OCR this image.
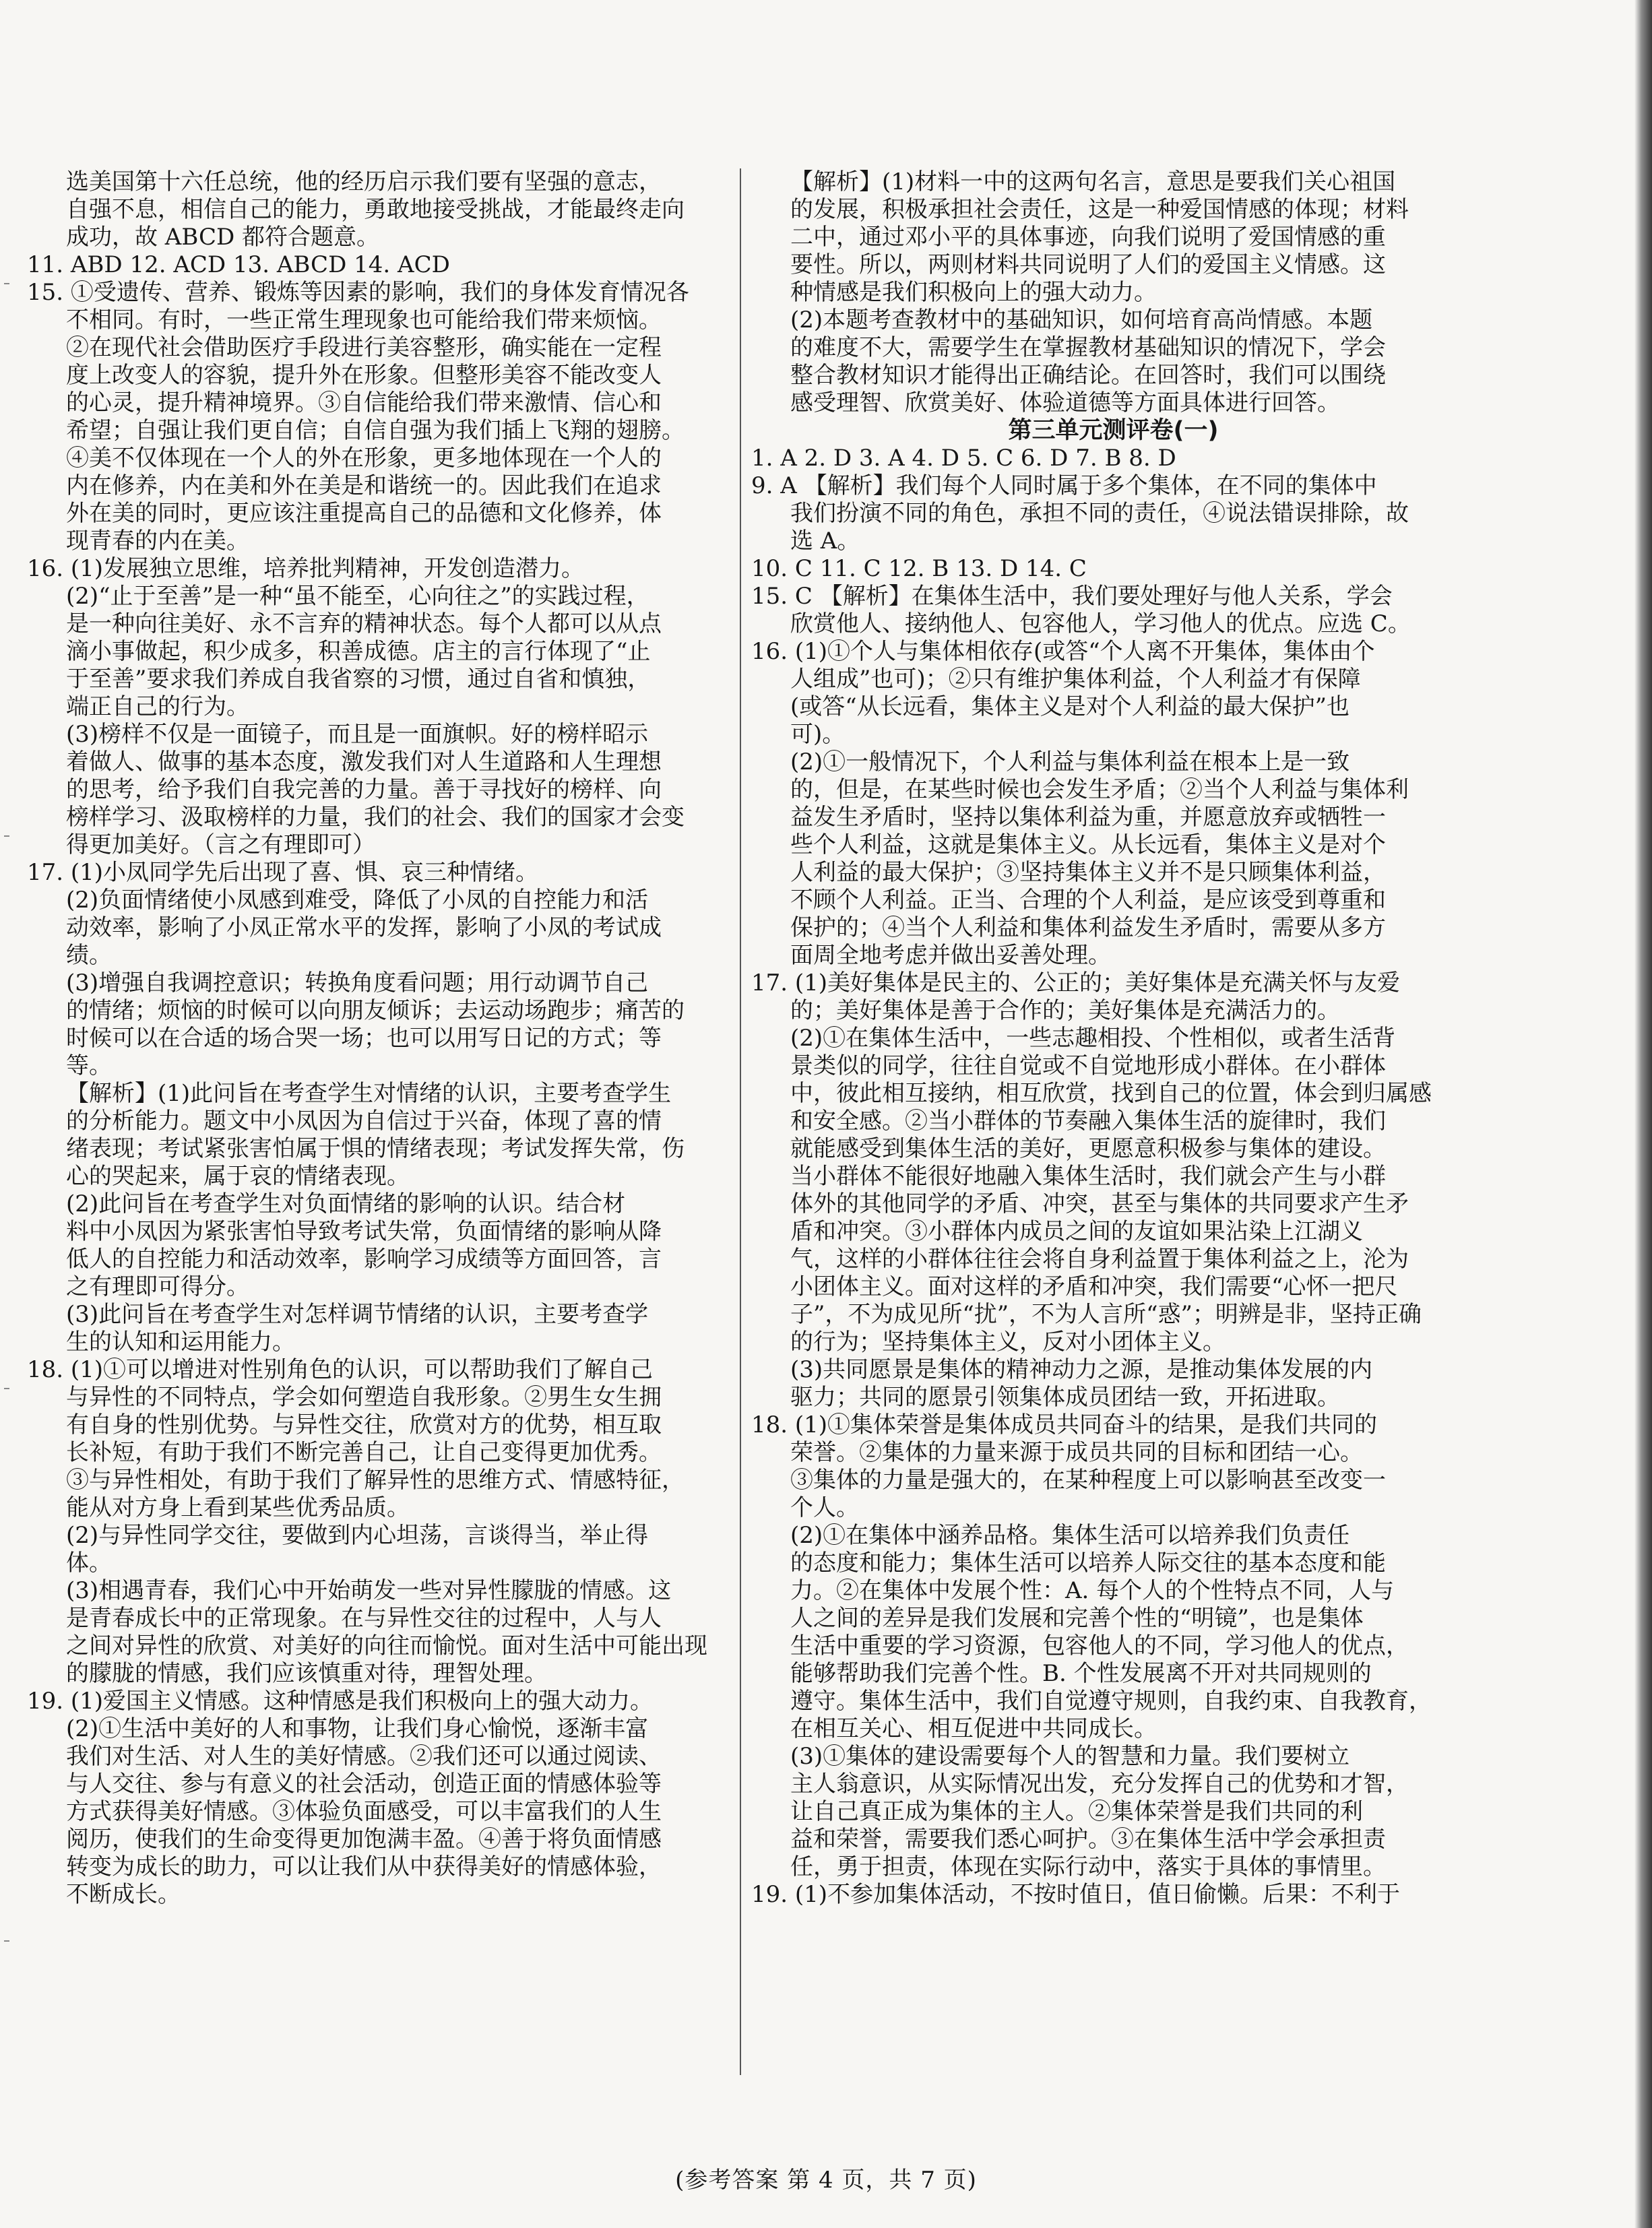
选美国第十六任总统，他的经历启示我们要有坚强的意志，

自强不息，相信自己的能力，勇敢地接受挑战，才能最终走向

成功，故 ABCD 都符合题意。

11. ABD 12. ACD 13. ABCD 14. ACD

15. ①受遗传、营养、锻炼等因素的影响，我们的身体发育情况各

不相同。有时，一些正常生理现象也可能给我们带来烦恼。

②在现代社会借助医疗手段进行美容整形，确实能在一定程

度上改变人的容貌，提升外在形象。但整形美容不能改变人

的心灵，提升精神境界。③自信能给我们带来激情、信心和

希望；自强让我们更自信；自信自强为我们插上飞翔的翅膀。

④美不仅体现在一个人的外在形象，更多地体现在一个人的

内在修养，内在美和外在美是和谐统一的。因此我们在追求

外在美的同时，更应该注重提高自己的品德和文化修养，体

现青春的内在美。

16. (1)发展独立思维，培养批判精神，开发创造潜力。

(2)“止于至善”是一种“虽不能至，心向往之”的实践过程，

是一种向往美好、永不言弃的精神状态。每个人都可以从点

滴小事做起，积少成多，积善成德。店主的言行体现了“止

于至善”要求我们养成自我省察的习惯，通过自省和慎独，

端正自己的行为。

(3)榜样不仅是一面镜子，而且是一面旗帜。好的榜样昭示

着做人、做事的基本态度，激发我们对人生道路和人生理想

的思考，给予我们自我完善的力量。善于寻找好的榜样、向

榜样学习、汲取榜样的力量，我们的社会、我们的国家才会变

得更加美好。（言之有理即可）

17. (1)小凤同学先后出现了喜、惧、哀三种情绪。

(2)负面情绪使小凤感到难受，降低了小凤的自控能力和活

动效率，影响了小凤正常水平的发挥，影响了小凤的考试成

绩。

(3)增强自我调控意识；转换角度看问题；用行动调节自己

的情绪；烦恼的时候可以向朋友倾诉；去运动场跑步；痛苦的

时候可以在合适的场合哭一场；也可以用写日记的方式；等

等。

【解析】(1)此问旨在考查学生对情绪的认识，主要考查学生

的分析能力。题文中小凤因为自信过于兴奋，体现了喜的情

绪表现；考试紧张害怕属于惧的情绪表现；考试发挥失常，伤

心的哭起来，属于哀的情绪表现。

(2)此问旨在考查学生对负面情绪的影响的认识。结合材

料中小凤因为紧张害怕导致考试失常，负面情绪的影响从降

低人的自控能力和活动效率，影响学习成绩等方面回答，言

之有理即可得分。

(3)此问旨在考查学生对怎样调节情绪的认识，主要考查学

生的认知和运用能力。

18. (1)①可以增进对性别角色的认识，可以帮助我们了解自己

与异性的不同特点，学会如何塑造自我形象。②男生女生拥

有自身的性别优势。与异性交往，欣赏对方的优势，相互取

长补短，有助于我们不断完善自己，让自己变得更加优秀。

③与异性相处，有助于我们了解异性的思维方式、情感特征，

能从对方身上看到某些优秀品质。

(2)与异性同学交往，要做到内心坦荡，言谈得当，举止得

体。

(3)相遇青春，我们心中开始萌发一些对异性朦胧的情感。这

是青春成长中的正常现象。在与异性交往的过程中，人与人

之间对异性的欣赏、对美好的向往而愉悦。面对生活中可能出现

的朦胧的情感，我们应该慎重对待，理智处理。

19. (1)爱国主义情感。这种情感是我们积极向上的强大动力。

(2)①生活中美好的人和事物，让我们身心愉悦，逐渐丰富

我们对生活、对人生的美好情感。②我们还可以通过阅读、

与人交往、参与有意义的社会活动，创造正面的情感体验等

方式获得美好情感。③体验负面感受，可以丰富我们的人生

阅历，使我们的生命变得更加饱满丰盈。④善于将负面情感

转变为成长的助力，可以让我们从中获得美好的情感体验，

不断成长。

【解析】(1)材料一中的这两句名言，意思是要我们关心祖国

的发展，积极承担社会责任，这是一种爱国情感的体现；材料

二中，通过邓小平的具体事迹，向我们说明了爱国情感的重

要性。所以，两则材料共同说明了人们的爱国主义情感。这

种情感是我们积极向上的强大动力。

(2)本题考查教材中的基础知识，如何培育高尚情感。本题

的难度不大，需要学生在掌握教材基础知识的情况下，学会

整合教材知识才能得出正确结论。在回答时，我们可以围绕

感受理智、欣赏美好、体验道德等方面具体进行回答。

第三单元测评卷(一)

1. A 2. D 3. A 4. D 5. C 6. D 7. B 8. D

9. A 【解析】我们每个人同时属于多个集体，在不同的集体中

我们扮演不同的角色，承担不同的责任，④说法错误排除，故

选 A。

10. C 11. C 12. B 13. D 14. C

15. C 【解析】在集体生活中，我们要处理好与他人关系，学会

欣赏他人、接纳他人、包容他人，学习他人的优点。应选 C。

16. (1)①个人与集体相依存(或答“个人离不开集体，集体由个

人组成”也可)；②只有维护集体利益，个人利益才有保障

(或答“从长远看，集体主义是对个人利益的最大保护”也

可)。

(2)①一般情况下，个人利益与集体利益在根本上是一致

的，但是，在某些时候也会发生矛盾；②当个人利益与集体利

益发生矛盾时，坚持以集体利益为重，并愿意放弃或牺牲一

些个人利益，这就是集体主义。从长远看，集体主义是对个

人利益的最大保护；③坚持集体主义并不是只顾集体利益，

不顾个人利益。正当、合理的个人利益，是应该受到尊重和

保护的；④当个人利益和集体利益发生矛盾时，需要从多方

面周全地考虑并做出妥善处理。

17. (1)美好集体是民主的、公正的；美好集体是充满关怀与友爱

的；美好集体是善于合作的；美好集体是充满活力的。

(2)①在集体生活中，一些志趣相投、个性相似，或者生活背

景类似的同学，往往自觉或不自觉地形成小群体。在小群体

中，彼此相互接纳，相互欣赏，找到自己的位置，体会到归属感

和安全感。②当小群体的节奏融入集体生活的旋律时，我们

就能感受到集体生活的美好，更愿意积极参与集体的建设。

当小群体不能很好地融入集体生活时，我们就会产生与小群

体外的其他同学的矛盾、冲突，甚至与集体的共同要求产生矛

盾和冲突。③小群体内成员之间的友谊如果沾染上江湖义

气，这样的小群体往往会将自身利益置于集体利益之上，沦为

小团体主义。面对这样的矛盾和冲突，我们需要“心怀一把尺

子”，不为成见所“扰”，不为人言所“惑”；明辨是非，坚持正确

的行为；坚持集体主义，反对小团体主义。

(3)共同愿景是集体的精神动力之源，是推动集体发展的内

驱力；共同的愿景引领集体成员团结一致，开拓进取。

18. (1)①集体荣誉是集体成员共同奋斗的结果，是我们共同的

荣誉。②集体的力量来源于成员共同的目标和团结一心。

③集体的力量是强大的，在某种程度上可以影响甚至改变一

个人。

(2)①在集体中涵养品格。集体生活可以培养我们负责任

的态度和能力；集体生活可以培养人际交往的基本态度和能

力。②在集体中发展个性：A. 每个人的个性特点不同，人与

人之间的差异是我们发展和完善个性的“明镜”，也是集体

生活中重要的学习资源，包容他人的不同，学习他人的优点，

能够帮助我们完善个性。B. 个性发展离不开对共同规则的

遵守。集体生活中，我们自觉遵守规则，自我约束、自我教育，

在相互关心、相互促进中共同成长。

(3)①集体的建设需要每个人的智慧和力量。我们要树立

主人翁意识，从实际情况出发，充分发挥自己的优势和才智，

让自己真正成为集体的主人。②集体荣誉是我们共同的利

益和荣誉，需要我们悉心呵护。③在集体生活中学会承担责

任，勇于担责，体现在实际行动中，落实于具体的事情里。

19. (1)不参加集体活动，不按时值日，值日偷懒。后果：不利于

(参考答案 第 4 页，共 7 页)
